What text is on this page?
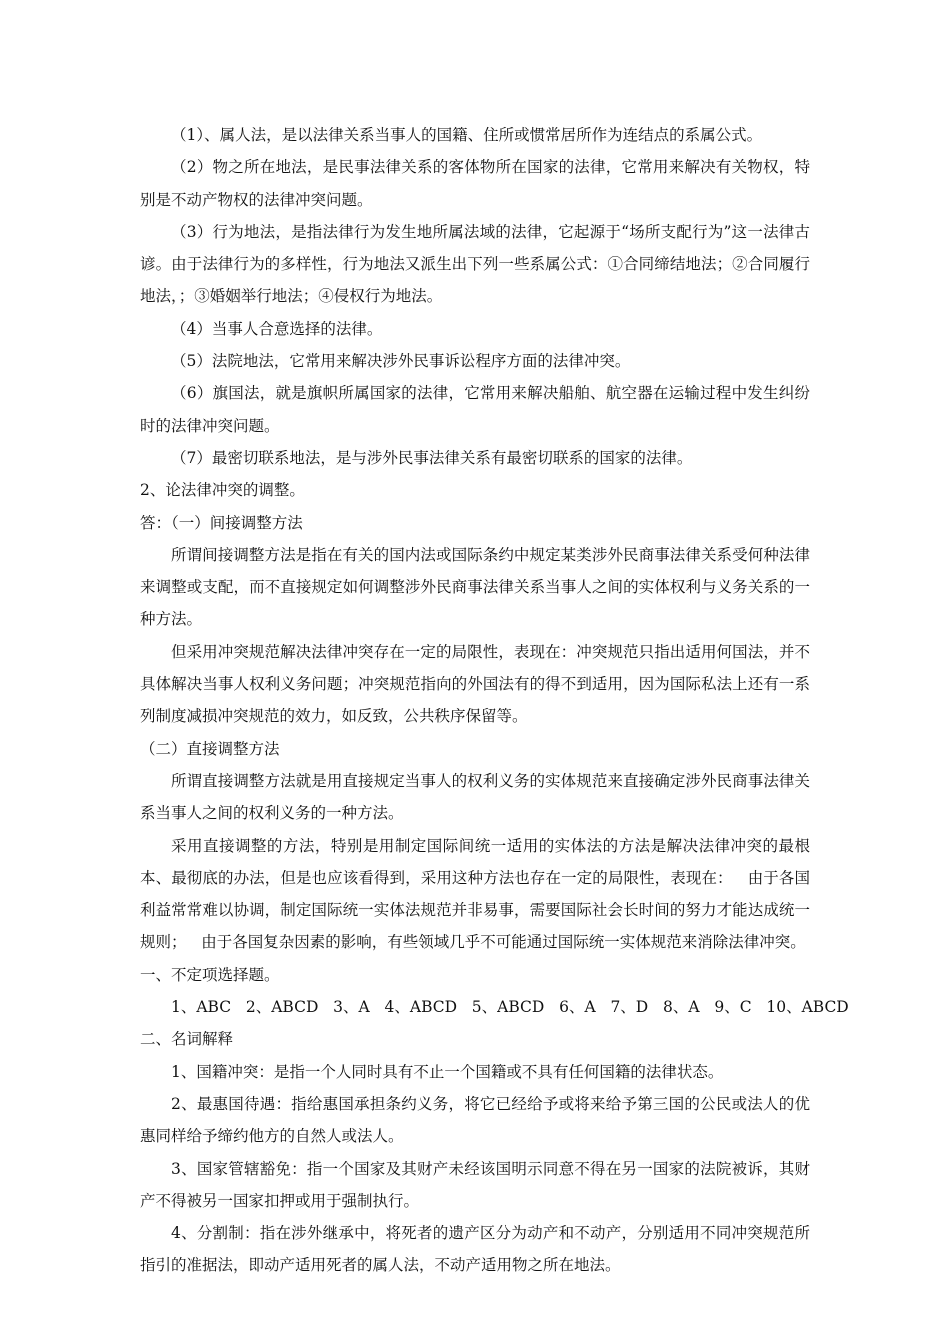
（1）、属人法，是以法律关系当事人的国籍、住所或惯常居所作为连结点的系属公式。

（2）物之所在地法，是民事法律关系的客体物所在国家的法律，它常用来解决有关物权，特别是不动产物权的法律冲突问题。

（3）行为地法，是指法律行为发生地所属法域的法律，它起源于“场所支配行为”这一法律古谚。由于法律行为的多样性，行为地法又派生出下列一些系属公式：①合同缔结地法；②合同履行地法，；③婚姻举行地法；④侵权行为地法。

（4）当事人合意选择的法律。

（5）法院地法，它常用来解决涉外民事诉讼程序方面的法律冲突。

（6）旗国法，就是旗帜所属国家的法律，它常用来解决船舶、航空器在运输过程中发生纠纷时的法律冲突问题。

（7）最密切联系地法，是与涉外民事法律关系有最密切联系的国家的法律。

2、论法律冲突的调整。

答：（一）间接调整方法

所谓间接调整方法是指在有关的国内法或国际条约中规定某类涉外民商事法律关系受何种法律来调整或支配，而不直接规定如何调整涉外民商事法律关系当事人之间的实体权利与义务关系的一种方法。

但采用冲突规范解决法律冲突存在一定的局限性，表现在：冲突规范只指出适用何国法，并不具体解决当事人权利义务问题；冲突规范指向的外国法有的得不到适用，因为国际私法上还有一系列制度减损冲突规范的效力，如反致，公共秩序保留等。

（二）直接调整方法

所谓直接调整方法就是用直接规定当事人的权利义务的实体规范来直接确定涉外民商事法律关系当事人之间的权利义务的一种方法。

采用直接调整的方法，特别是用制定国际间统一适用的实体法的方法是解决法律冲突的最根本、最彻底的办法，但是也应该看得到，采用这种方法也存在一定的局限性，表现在：   由于各国利益常常难以协调，制定国际统一实体法规范并非易事，需要国际社会长时间的努力才能达成统一规则；   由于各国复杂因素的影响，有些领域几乎不可能通过国际统一实体规范来消除法律冲突。

一、不定项选择题。

1、ABC   2、ABCD   3、A   4、ABCD   5、ABCD   6、A   7、D   8、A   9、C   10、ABCD

二、名词解释

1、国籍冲突：是指一个人同时具有不止一个国籍或不具有任何国籍的法律状态。

2、最惠国待遇：指给惠国承担条约义务，将它已经给予或将来给予第三国的公民或法人的优惠同样给予缔约他方的自然人或法人。

3、国家管辖豁免：指一个国家及其财产未经该国明示同意不得在另一国家的法院被诉，其财产不得被另一国家扣押或用于强制执行。

4、分割制：指在涉外继承中，将死者的遗产区分为动产和不动产，分别适用不同冲突规范所指引的准据法，即动产适用死者的属人法，不动产适用物之所在地法。
